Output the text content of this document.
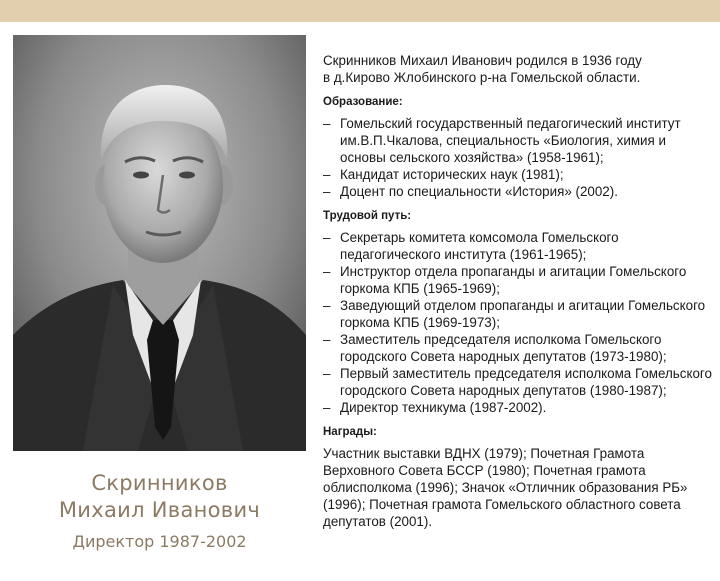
Скринников
Михаил Иванович
Директор 1987-2002

Скринников Михаил Иванович родился в 1936 году
в д.Кирово Жлобинского р-на Гомельской области.

Образование:
– Гомельский государственный педагогический институт им.В.П.Чкалова, специальность «Биология, химия и основы сельского хозяйства» (1958-1961);
– Кандидат исторических наук (1981);
– Доцент по специальности «История» (2002).
Трудовой путь:
– Секретарь комитета комсомола Гомельского педагогического института (1961-1965);
– Инструктор отдела пропаганды и агитации Гомельского горкома КПБ (1965-1969);
– Заведующий отделом пропаганды и агитации Гомельского горкома КПБ (1969-1973);
– Заместитель председателя исполкома Гомельского городского Совета народных депутатов (1973-1980);
– Первый заместитель председателя исполкома Гомельского городского Совета народных депутатов (1980-1987);
– Директор техникума (1987-2002).
Награды:

Участник выставки ВДНХ (1979); Почетная Грамота Верховного Совета БССР (1980); Почетная грамота облисполкома (1996); Значок «Отличник образования РБ» (1996); Почетная грамота Гомельского областного совета депутатов (2001).
